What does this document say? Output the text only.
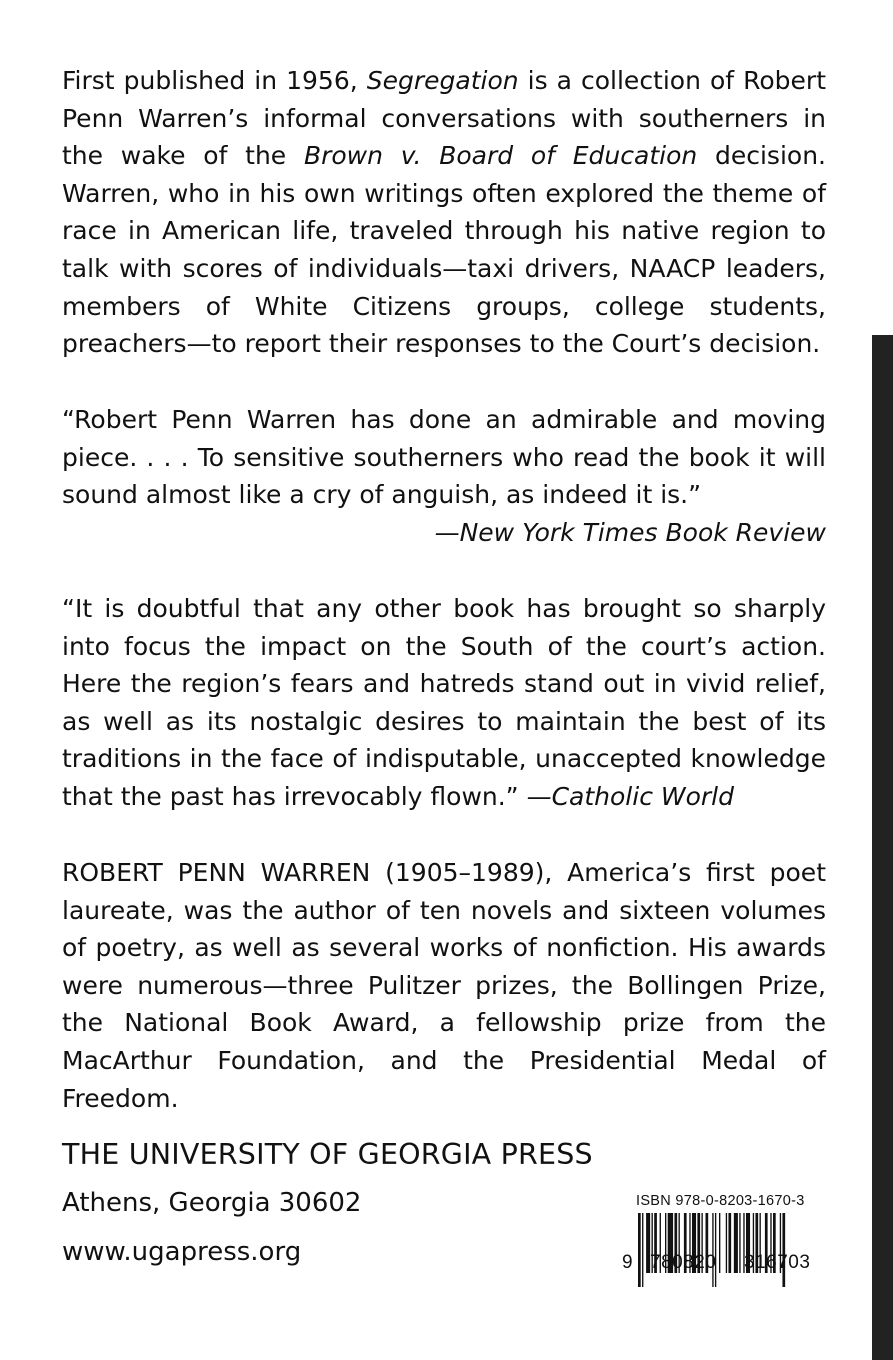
First published in 1956, Segregation is a collection of Robert Penn Warren’s informal conversations with southerners in the wake of the Brown v. Board of Education decision. Warren, who in his own writings often explored the theme of race in American life, traveled through his native region to talk with scores of individuals—taxi drivers, NAACP leaders, members of White Citizens groups, college students, preachers—to report their responses to the Court’s decision.

“Robert Penn Warren has done an admirable and moving piece. . . . To sensitive southerners who read the book it will sound almost like a cry of anguish, as indeed it is.”

—New York Times Book Review

“It is doubtful that any other book has brought so sharply into focus the impact on the South of the court’s action. Here the region’s fears and hatreds stand out in vivid relief, as well as its nostalgic desires to maintain the best of its traditions in the face of indisputable, unaccepted knowledge that the past has irrevocably flown.” —Catholic World

ROBERT PENN WARREN (1905–1989), America’s first poet laureate, was the author of ten novels and sixteen volumes of poetry, as well as several works of nonfiction. His awards were numerous—three Pulitzer prizes, the Bollingen Prize, the National Book Award, a fellowship prize from the MacArthur Foundation, and the Presidential Medal of Freedom.

THE UNIVERSITY OF GEORGIA PRESS

Athens, Georgia 30602

www.ugapress.org

ISBN 978-0-8203-1670-3

9 780820 316703
